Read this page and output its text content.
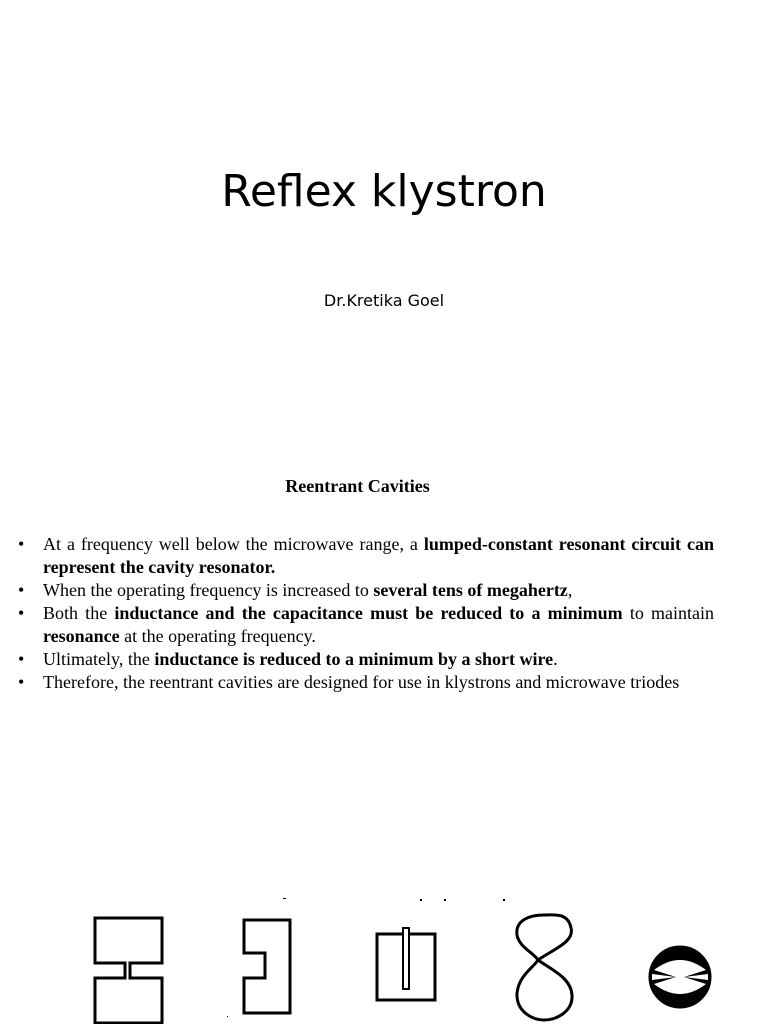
Reflex klystron
Dr.Kretika Goel
Reentrant Cavities
• At a frequency well below the microwave range, a lumped-constant resonant circuit can represent the cavity resonator.
• When the operating frequency is increased to several tens of megahertz,
• Both the inductance and the capacitance must be reduced to a minimum to maintain resonance at the operating frequency.
• Ultimately, the inductance is reduced to a minimum by a short wire.
• Therefore, the reentrant cavities are designed for use in klystrons and microwave triodes
